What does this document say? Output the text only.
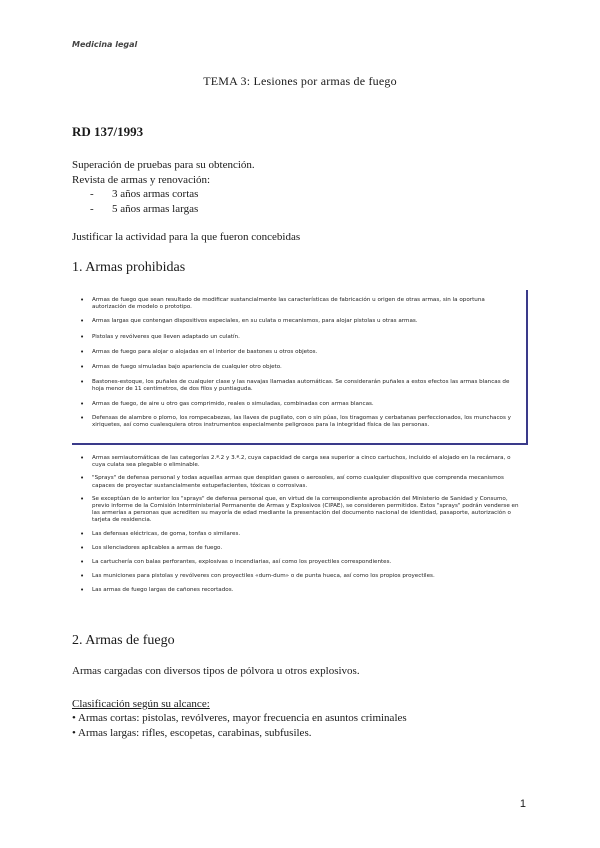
Medicina legal
TEMA 3: Lesiones por armas de fuego
RD 137/1993
Superación de pruebas para su obtención.
Revista de armas y renovación:
-	3 años armas cortas
-	5 años armas largas
Justificar la actividad para la que fueron concebidas
1. Armas prohibidas
• Armas de fuego que sean resultado de modificar sustancialmente las características de fabricación u origen de otras armas, sin la oportuna autorización de modelo o prototipo.
• Armas largas que contengan dispositivos especiales, en su culata o mecanismos, para alojar pistolas u otras armas.
• Pistolas y revólveres que lleven adaptado un culatín.
• Armas de fuego para alojar o alojadas en el interior de bastones u otros objetos.
• Armas de fuego simuladas bajo apariencia de cualquier otro objeto.
• Bastones-estoque, los puñales de cualquier clase y las navajas llamadas automáticas. Se considerarán puñales a estos efectos las armas blancas de hoja menor de 11 centímetros, de dos filos y puntiaguda.
• Armas de fuego, de aire u otro gas comprimido, reales o simuladas, combinadas con armas blancas.
• Defensas de alambre o plomo, los rompecabezas, las llaves de pugilato, con o sin púas, los tiragomas y cerbatanas perfeccionados, los munchacos y xiriquetes, así como cualesquiera otros instrumentos especialmente peligrosos para la integridad física de las personas.
• Armas semiautomáticas de las categorías 2.ª.2 y 3.ª.2, cuya capacidad de carga sea superior a cinco cartuchos, incluido el alojado en la recámara, o cuya culata sea plegable o eliminable.
• "Sprays" de defensa personal y todas aquellas armas que despidan gases o aerosoles, así como cualquier dispositivo que comprenda mecanismos capaces de proyectar sustancialmente estupefacientes, tóxicas o corrosivas.
• Se exceptúan de lo anterior los "sprays" de defensa personal que, en virtud de la correspondiente aprobación del Ministerio de Sanidad y Consumo, previo informe de la Comisión Interministerial Permanente de Armas y Explosivos (CIPAE), se consideren permitidos. Estos "sprays" podrán venderse en las armerías a personas que acrediten su mayoría de edad mediante la presentación del documento nacional de identidad, pasaporte, autorización o tarjeta de residencia.
• Las defensas eléctricas, de goma, tonfas o similares.
• Los silenciadores aplicables a armas de fuego.
• La cartuchería con balas perforantes, explosivas o incendiarias, así como los proyectiles correspondientes.
• Las municiones para pistolas y revólveres con proyectiles «dum-dum» o de punta hueca, así como los propios proyectiles.
• Las armas de fuego largas de cañones recortados.
2. Armas de fuego
Armas cargadas con diversos tipos de pólvora u otros explosivos.
Clasificación según su alcance:
• Armas cortas: pistolas, revólveres, mayor frecuencia en asuntos criminales
• Armas largas: rifles, escopetas, carabinas, subfusiles.
1
